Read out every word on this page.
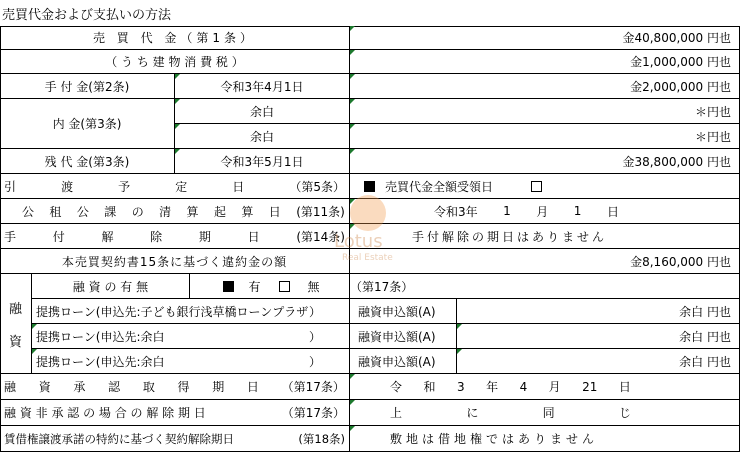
売買代金および支払いの方法
売 買 代 金（第1条）	金40,800,000 円也
（ う ち 建 物 消 費 税 ）	金1,000,000 円也
手 付 金(第2条)	令和3年4月1日	金2,000,000 円也
内 金(第3条)
余白	＊円也
余白	＊円也
残 代 金(第3条)	令和3年5月1日	金38,800,000 円也
引	渡	予	定	日	（第5条）	売買代金全額受領日
公 租 公 課 の 清 算 起 算 日 (第11条)	令和3年 1 月 1 日
手	付	解	除	期	日	(第14条)	手付解除の期日はありません
本売買契約書15条に基づく違約金の額	金8,160,000 円也
融
資
融 資 の 有 無	有	無	（第17条）
提携ローン(申込先:子ども銀行浅草橋ローンプラザ ）	融資申込額(A)	余白 円也
提携ローン(申込先:余白	）	融資申込額(A)	余白 円也
提携ローン(申込先:余白	）	融資申込額(A)	余白 円也
融 資 承 認 取 得 期 日 （第17条）	令 和 3 年 4 月 21 日
融 資 非 承 認 の 場 合 の 解 除 期 日	（第17条）	上	に	同	じ
賃借権譲渡承諾の特約に基づく契約解除期日	(第18条)	敷地は借地権ではありません
Lotus
Real Estate
